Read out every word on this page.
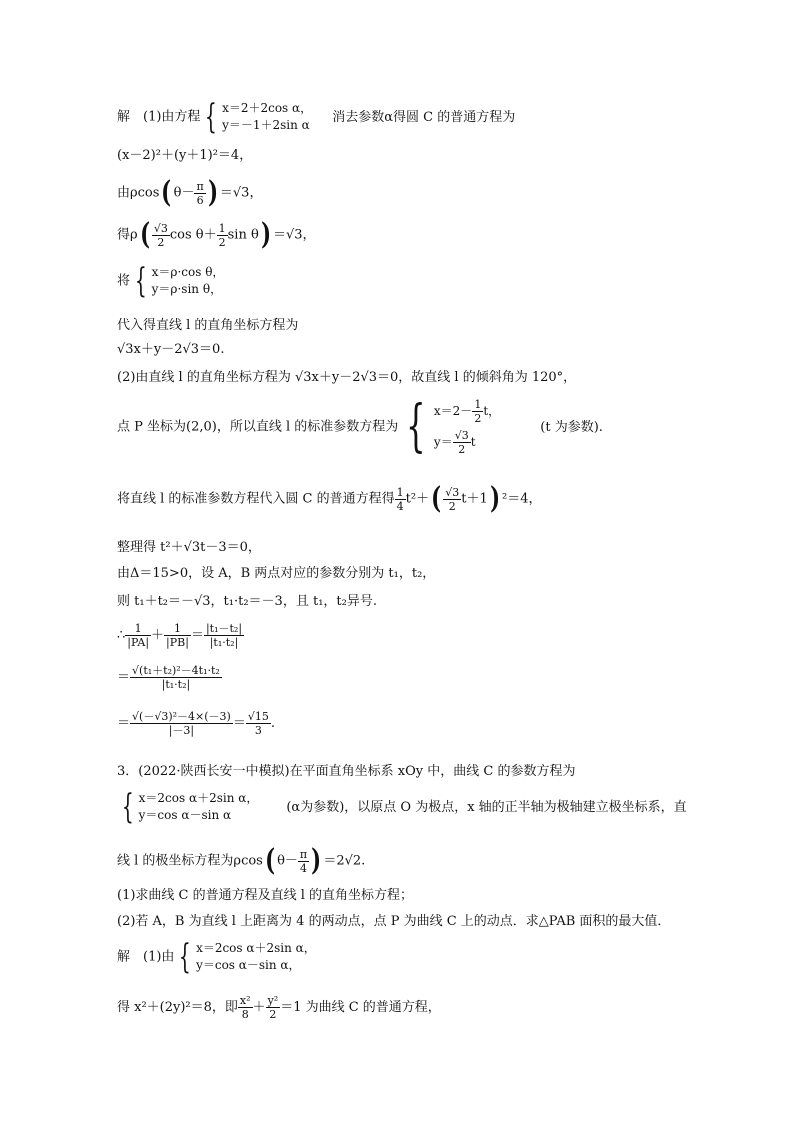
解　(1)由方程 { x＝2＋2cos α，
y＝－1＋2sin α
消去参数α得圆 C 的普通方程为
(x－2)²＋(y＋1)²＝4，
由ρcos( $\theta- \frac{\pi}{6}$ ) ＝√3，
得$\rho( \frac{√3}{2}$ $\cos \theta+ \frac{1}{2}$ sin θ) ＝√3，
将 { x＝ρ·cos θ，
y＝ρ·sin θ，
代入得直线 l 的直角坐标方程为
√3x＋y－2√3＝0.
(2)由直线 l 的直角坐标方程为 √3x＋y－2√3＝0，故直线 l 的倾斜角为 120°，
点 P 坐标为(2,0)，所以直线 l 的标准参数方程为 { $x=2- \frac{1}{2}$ t，
$y= \frac{√3}{2}$ t
(t 为参数).
将直线 l 的标准参数方程代入圆 C 的普通方程得 $\frac{1}{4} t^2+( \frac{√3}{2} t+1)$ ²＝4，
整理得 t²＋√3t－3＝0，
由Δ＝15>0，设 A，B 两点对应的参数分别为 t₁，t₂，
则 t₁＋t₂＝－√3，t₁·t₂＝－3，且 t₁，t₂异号.
∴ $\frac{1}{|PA|} + \frac{1}{|PB|} = \frac{\text{|t₁－t₂|}}{\text{|t₁·t₂|}}$
＝ $\frac{\text{√(t₁＋t₂)²－4t₁·t₂}}{\text{|t₁·t₂|}}$
＝ $\frac{\text{√(－√3)²－4×(－3)}}{|-3|} = \frac{√15}{3}$ .
3．(2022·陕西长安一中模拟)在平面直角坐标系 xOy 中，曲线 C 的参数方程为
{ x＝2cos α＋2sin α，
y＝cos α－sin α
(α为参数)，以原点 O 为极点，x 轴的正半轴为极轴建立极坐标系，直
线 l 的极坐标方程为ρcos( $\theta- \frac{\pi}{4}$ ) ＝2√2.
(1)求曲线 C 的普通方程及直线 l 的直角坐标方程；
(2)若 A，B 为直线 l 上距离为 4 的两动点，点 P 为曲线 C 上的动点．求△PAB 面积的最大值．
解　(1)由 { x＝2cos α＋2sin α，
y＝cos α－sin α，
得 x²＋(2y)²＝8，即 $\frac{\text{x²}}{8} + \frac{\text{y²}}{2} =1$ 为曲线 C 的普通方程，
